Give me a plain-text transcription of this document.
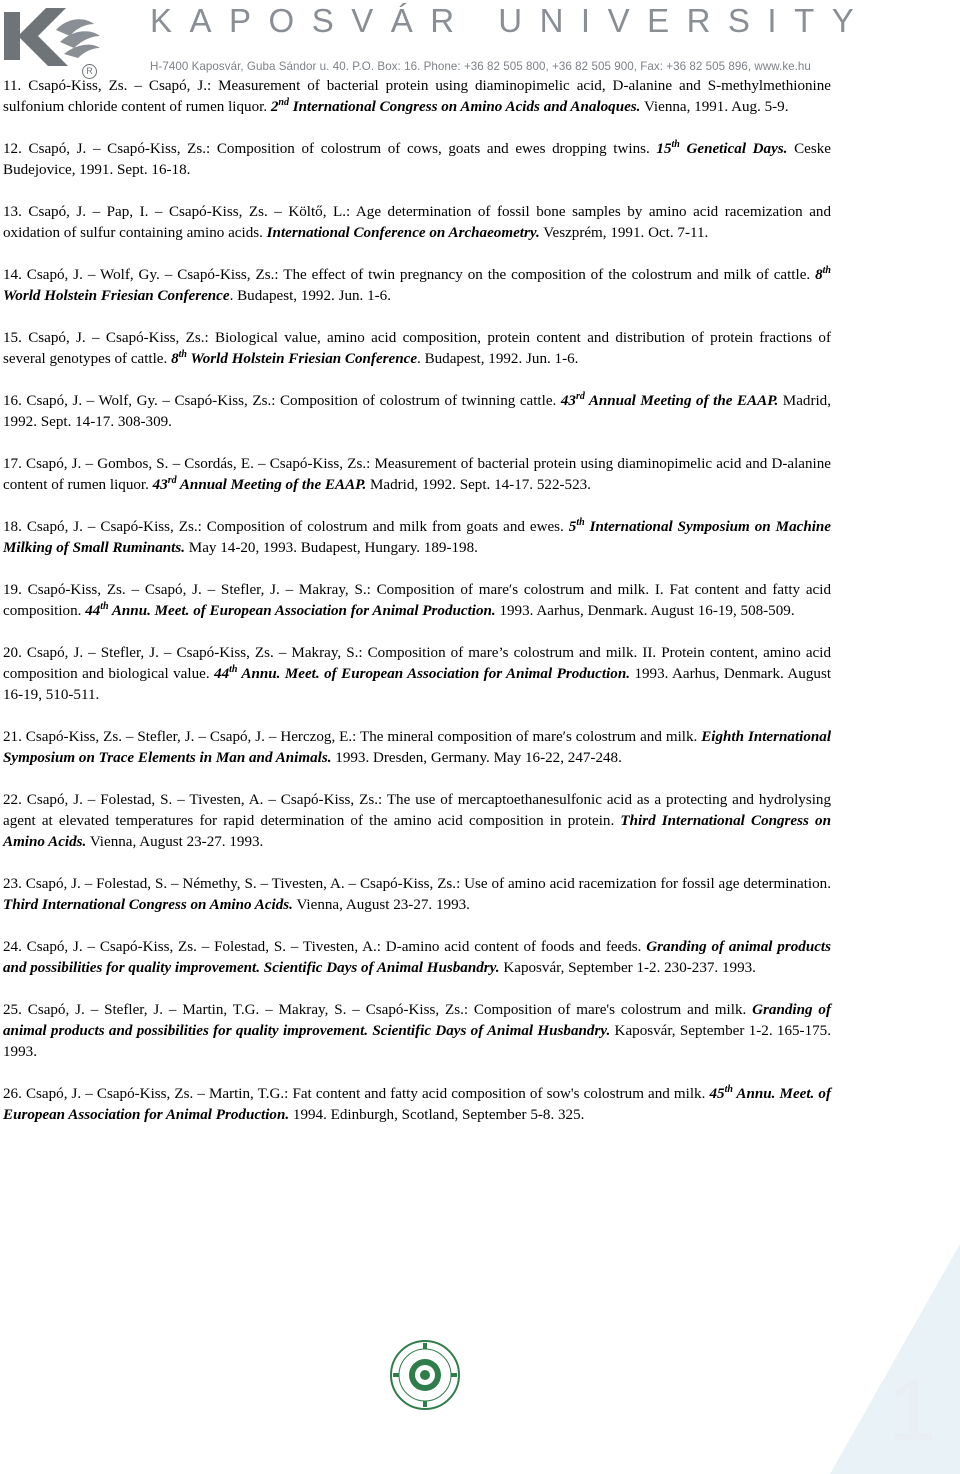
R
KAPOSVÁR UNIVERSITY
H-7400 Kaposvár, Guba Sándor u. 40. P.O. Box: 16. Phone: +36 82 505 800, +36 82 505 900, Fax: +36 82 505 896, www.ke.hu

11. Csapó-Kiss, Zs. – Csapó, J.: Measurement of bacterial protein using diaminopimelic acid, D-alanine and S-methylmethionine sulfonium chloride content of rumen liquor. 2nd International Congress on Amino Acids and Analoques. Vienna, 1991. Aug. 5-9.

12. Csapó, J. – Csapó-Kiss, Zs.: Composition of colostrum of cows, goats and ewes dropping twins. 15th Genetical Days. Ceske Budejovice, 1991. Sept. 16-18.

13. Csapó, J. – Pap, I. – Csapó-Kiss, Zs. – Költő, L.: Age determination of fossil bone samples by amino acid racemization and oxidation of sulfur containing amino acids. International Conference on Archaeometry. Veszprém, 1991. Oct. 7-11.

14. Csapó, J. – Wolf, Gy. – Csapó-Kiss, Zs.: The effect of twin pregnancy on the composition of the colostrum and milk of cattle. 8th World Holstein Friesian Conference. Budapest, 1992. Jun. 1-6.

15. Csapó, J. – Csapó-Kiss, Zs.: Biological value, amino acid composition, protein content and distribution of protein fractions of several genotypes of cattle. 8th World Holstein Friesian Conference. Budapest, 1992. Jun. 1-6.

16. Csapó, J. – Wolf, Gy. – Csapó-Kiss, Zs.: Composition of colostrum of twinning cattle. 43rd Annual Meeting of the EAAP. Madrid, 1992. Sept. 14-17. 308-309.

17. Csapó, J. – Gombos, S. – Csordás, E. – Csapó-Kiss, Zs.: Measurement of bacterial protein using diaminopimelic acid and D-alanine content of rumen liquor. 43rd Annual Meeting of the EAAP. Madrid, 1992. Sept. 14-17. 522-523.

18. Csapó, J. – Csapó-Kiss, Zs.: Composition of colostrum and milk from goats and ewes. 5th International Symposium on Machine Milking of Small Ruminants. May 14-20, 1993. Budapest, Hungary. 189-198.

19. Csapó-Kiss, Zs. – Csapó, J. – Stefler, J. – Makray, S.: Composition of mare′s colostrum and milk. I. Fat content and fatty acid composition. 44th Annu. Meet. of European Association for Animal Production. 1993. Aarhus, Denmark. August 16-19, 508-509.

20. Csapó, J. – Stefler, J. – Csapó-Kiss, Zs. – Makray, S.: Composition of mare’s colostrum and milk. II. Protein content, amino acid composition and biological value. 44th Annu. Meet. of European Association for Animal Production. 1993. Aarhus, Denmark. August 16-19, 510-511.

21. Csapó-Kiss, Zs. – Stefler, J. – Csapó, J. – Herczog, E.: The mineral composition of mare′s colostrum and milk. Eighth International Symposium on Trace Elements in Man and Animals. 1993. Dresden, Germany. May 16-22, 247-248.

22. Csapó, J. – Folestad, S. – Tivesten, A. – Csapó-Kiss, Zs.: The use of mercaptoethanesulfonic acid as a protecting and hydrolysing agent at elevated temperatures for rapid determination of the amino acid composition in protein. Third International Congress on Amino Acids. Vienna, August 23-27. 1993.

23. Csapó, J. – Folestad, S. – Némethy, S. – Tivesten, A. – Csapó-Kiss, Zs.: Use of amino acid racemization for fossil age determination. Third International Congress on Amino Acids. Vienna, August 23-27. 1993.

24. Csapó, J. – Csapó-Kiss, Zs. – Folestad, S. – Tivesten, A.: D-amino acid content of foods and feeds. Granding of animal products and possibilities for quality improvement. Scientific Days of Animal Husbandry. Kaposvár, September 1-2. 230-237. 1993.

25. Csapó, J. – Stefler, J. – Martin, T.G. – Makray, S. – Csapó-Kiss, Zs.: Composition of mare's colostrum and milk. Granding of animal products and possibilities for quality improvement. Scientific Days of Animal Husbandry. Kaposvár, September 1-2. 165-175. 1993.

26. Csapó, J. – Csapó-Kiss, Zs. – Martin, T.G.: Fat content and fatty acid composition of sow's colostrum and milk. 45th Annu. Meet. of European Association for Animal Production. 1994. Edinburgh, Scotland, September 5-8. 325.

1
